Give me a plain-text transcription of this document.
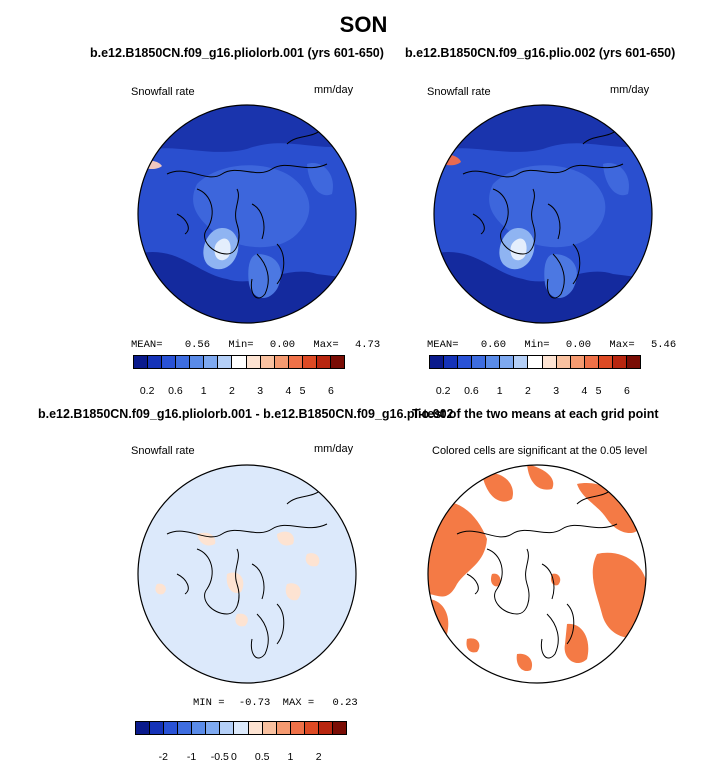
SON
b.e12.B1850CN.f09_g16.pliolorb.001 (yrs 601-650)
Snowfall rate	mm/day
MEAN= 0.56 Min= 0.00 Max= 4.73
0.2 0.6 1 2 3 4 5 6
b.e12.B1850CN.f09_g16.plio.002 (yrs 601-650)
Snowfall rate	mm/day
MEAN= 0.60 Min= 0.00 Max= 5.46
0.2 0.6 1 2 3 4 5 6
b.e12.B1850CN.f09_g16.pliolorb.001 - b.e12.B1850CN.f09_g16.plio.002
Snowfall rate	mm/day
MIN = -0.73 MAX = 0.23
-2 -1 -0.5 0 0.5 1 2
T-test of the two means at each grid point
Colored cells are significant at the 0.05 level
